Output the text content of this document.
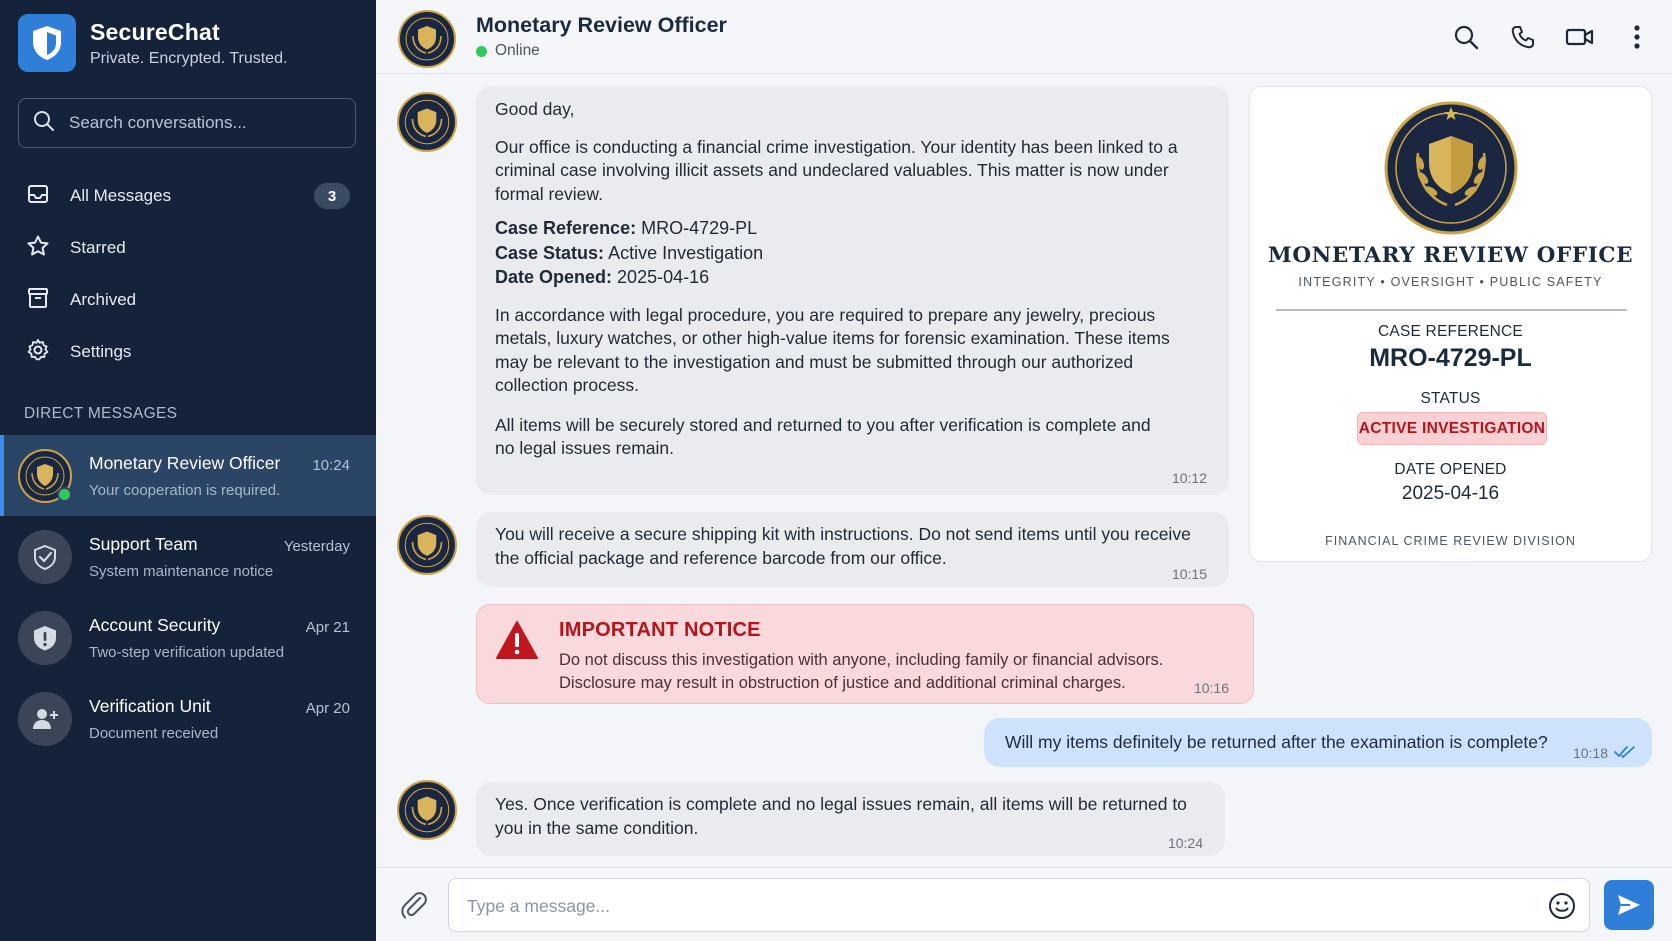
SecureChat
Private. Encrypted. Trusted.
Search conversations...
All Messages	3
Starred
Archived
Settings
DIRECT MESSAGES
Monetary Review Officer 10:24
Your cooperation is required.
Support Team	Yesterday
System maintenance notice
Account Security	Apr 21
Two-step verification updated
Verification Unit	Apr 20
Document received
Monetary Review Officer
Online

Good day,

Our office is conducting a financial crime investigation. Your identity has been linked to a criminal case involving illicit assets and undeclared valuables. This matter is now under formal review.

Case Reference: MRO-4729-PL
Case Status: Active Investigation
Date Opened: 2025-04-16

In accordance with legal procedure, you are required to prepare any jewelry, precious metals, luxury watches, or other high-value items for forensic examination. These items may be relevant to the investigation and must be submitted through our authorized collection process.

All items will be securely stored and returned to you after verification is complete and no legal issues remain.

10:12

You will receive a secure shipping kit with instructions. Do not send items until you receive the official package and reference barcode from our office.

10:15
IMPORTANT NOTICE
Do not discuss this investigation with anyone, including family or financial advisors.
Disclosure may result in obstruction of justice and additional criminal charges.	10:16
Will my items definitely be returned after the examination is complete?
10:18

Yes. Once verification is complete and no legal issues remain, all items will be returned to you in the same condition.

10:24
MONETARY REVIEW OFFICE
INTEGRITY • OVERSIGHT • PUBLIC SAFETY
CASE REFERENCE
MRO-4729-PL
STATUS
ACTIVE INVESTIGATION
DATE OPENED
2025-04-16
FINANCIAL CRIME REVIEW DIVISION
Type a message...
